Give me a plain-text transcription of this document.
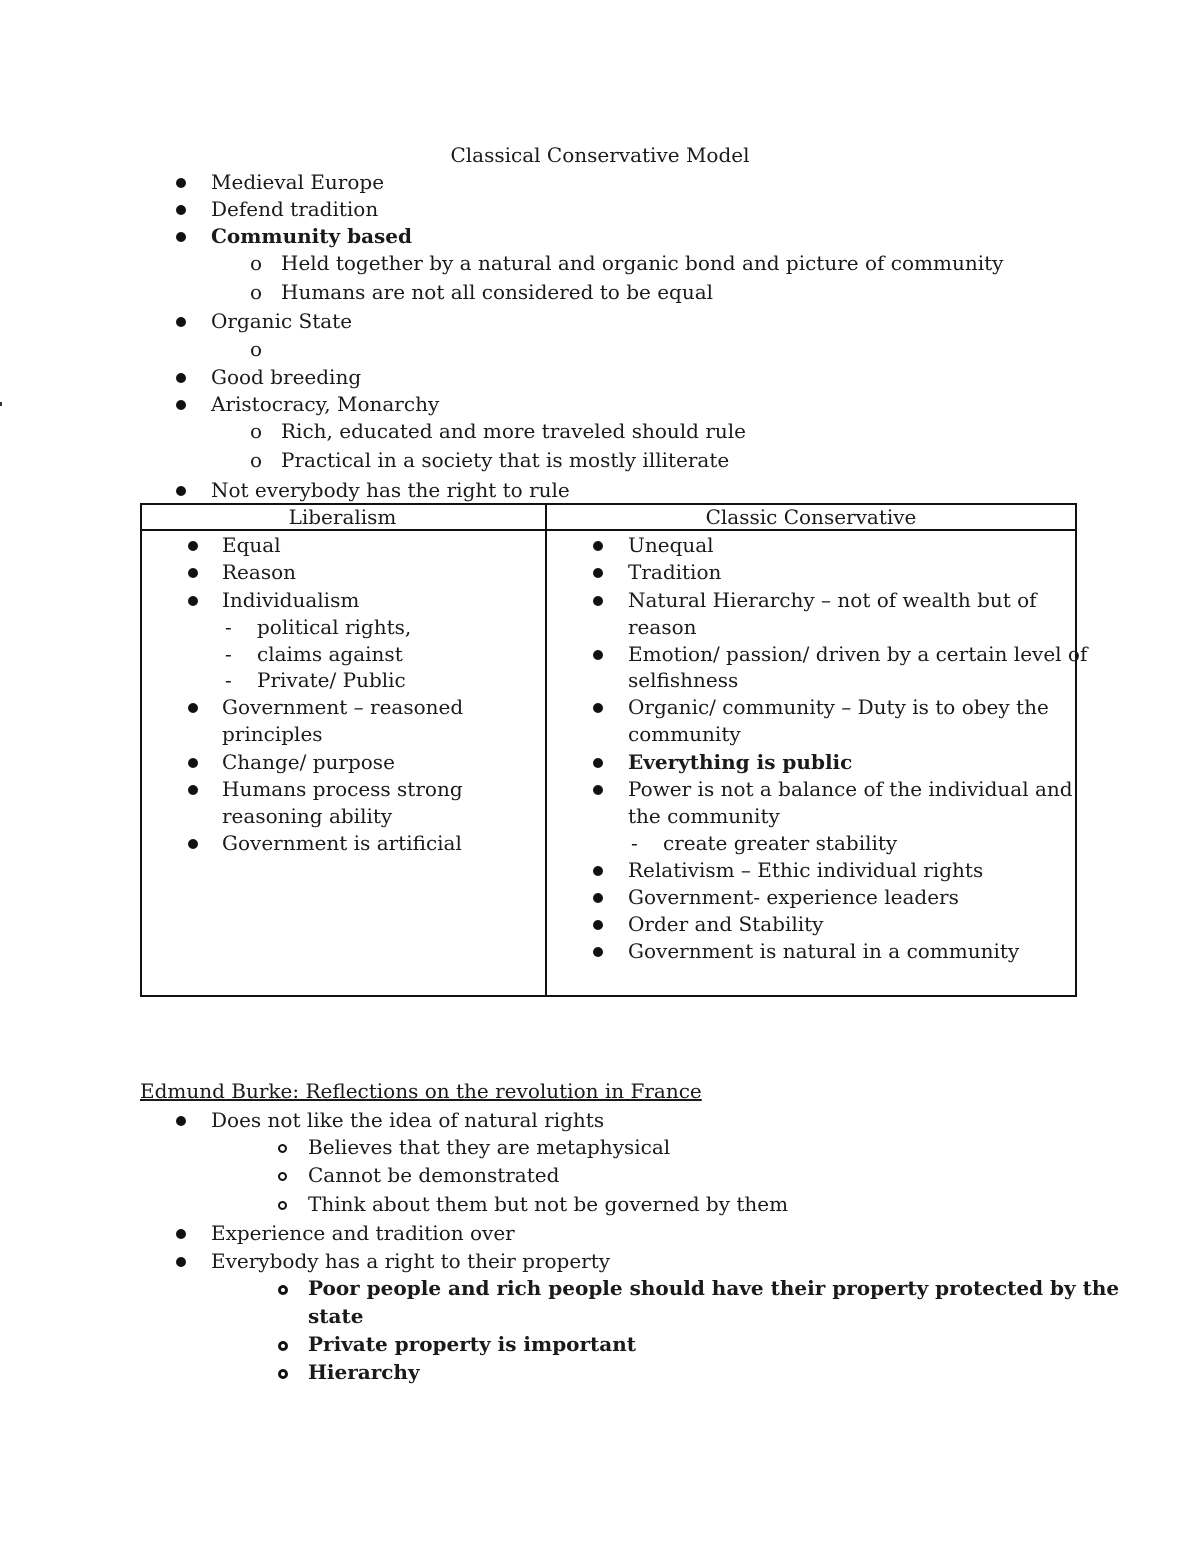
Classical Conservative Model
Medieval Europe
Defend tradition
Community based
o Held together by a natural and organic bond and picture of community
o Humans are not all considered to be equal
Organic State
o
Good breeding
Aristocracy, Monarchy
o Rich, educated and more traveled should rule
o Practical in a society that is mostly illiterate
Not everybody has the right to rule
Liberalism	Classic Conservative
Equal
Reason
Individualism
- political rights,
- claims against
- Private/ Public
Government – reasoned
principles
Change/ purpose
Humans process strong
reasoning ability
Government is artificial
Unequal
Tradition
Natural Hierarchy – not of wealth but of
reason
Emotion/ passion/ driven by a certain level of
selfishness
Organic/ community – Duty is to obey the
community
Everything is public
Power is not a balance of the individual and
the community
- create greater stability
Relativism – Ethic individual rights
Government- experience leaders
Order and Stability
Government is natural in a community
Edmund Burke: Reflections on the revolution in France
Does not like the idea of natural rights
Believes that they are metaphysical
Cannot be demonstrated
Think about them but not be governed by them
Experience and tradition over
Everybody has a right to their property
Poor people and rich people should have their property protected by the
state
Private property is important
Hierarchy
